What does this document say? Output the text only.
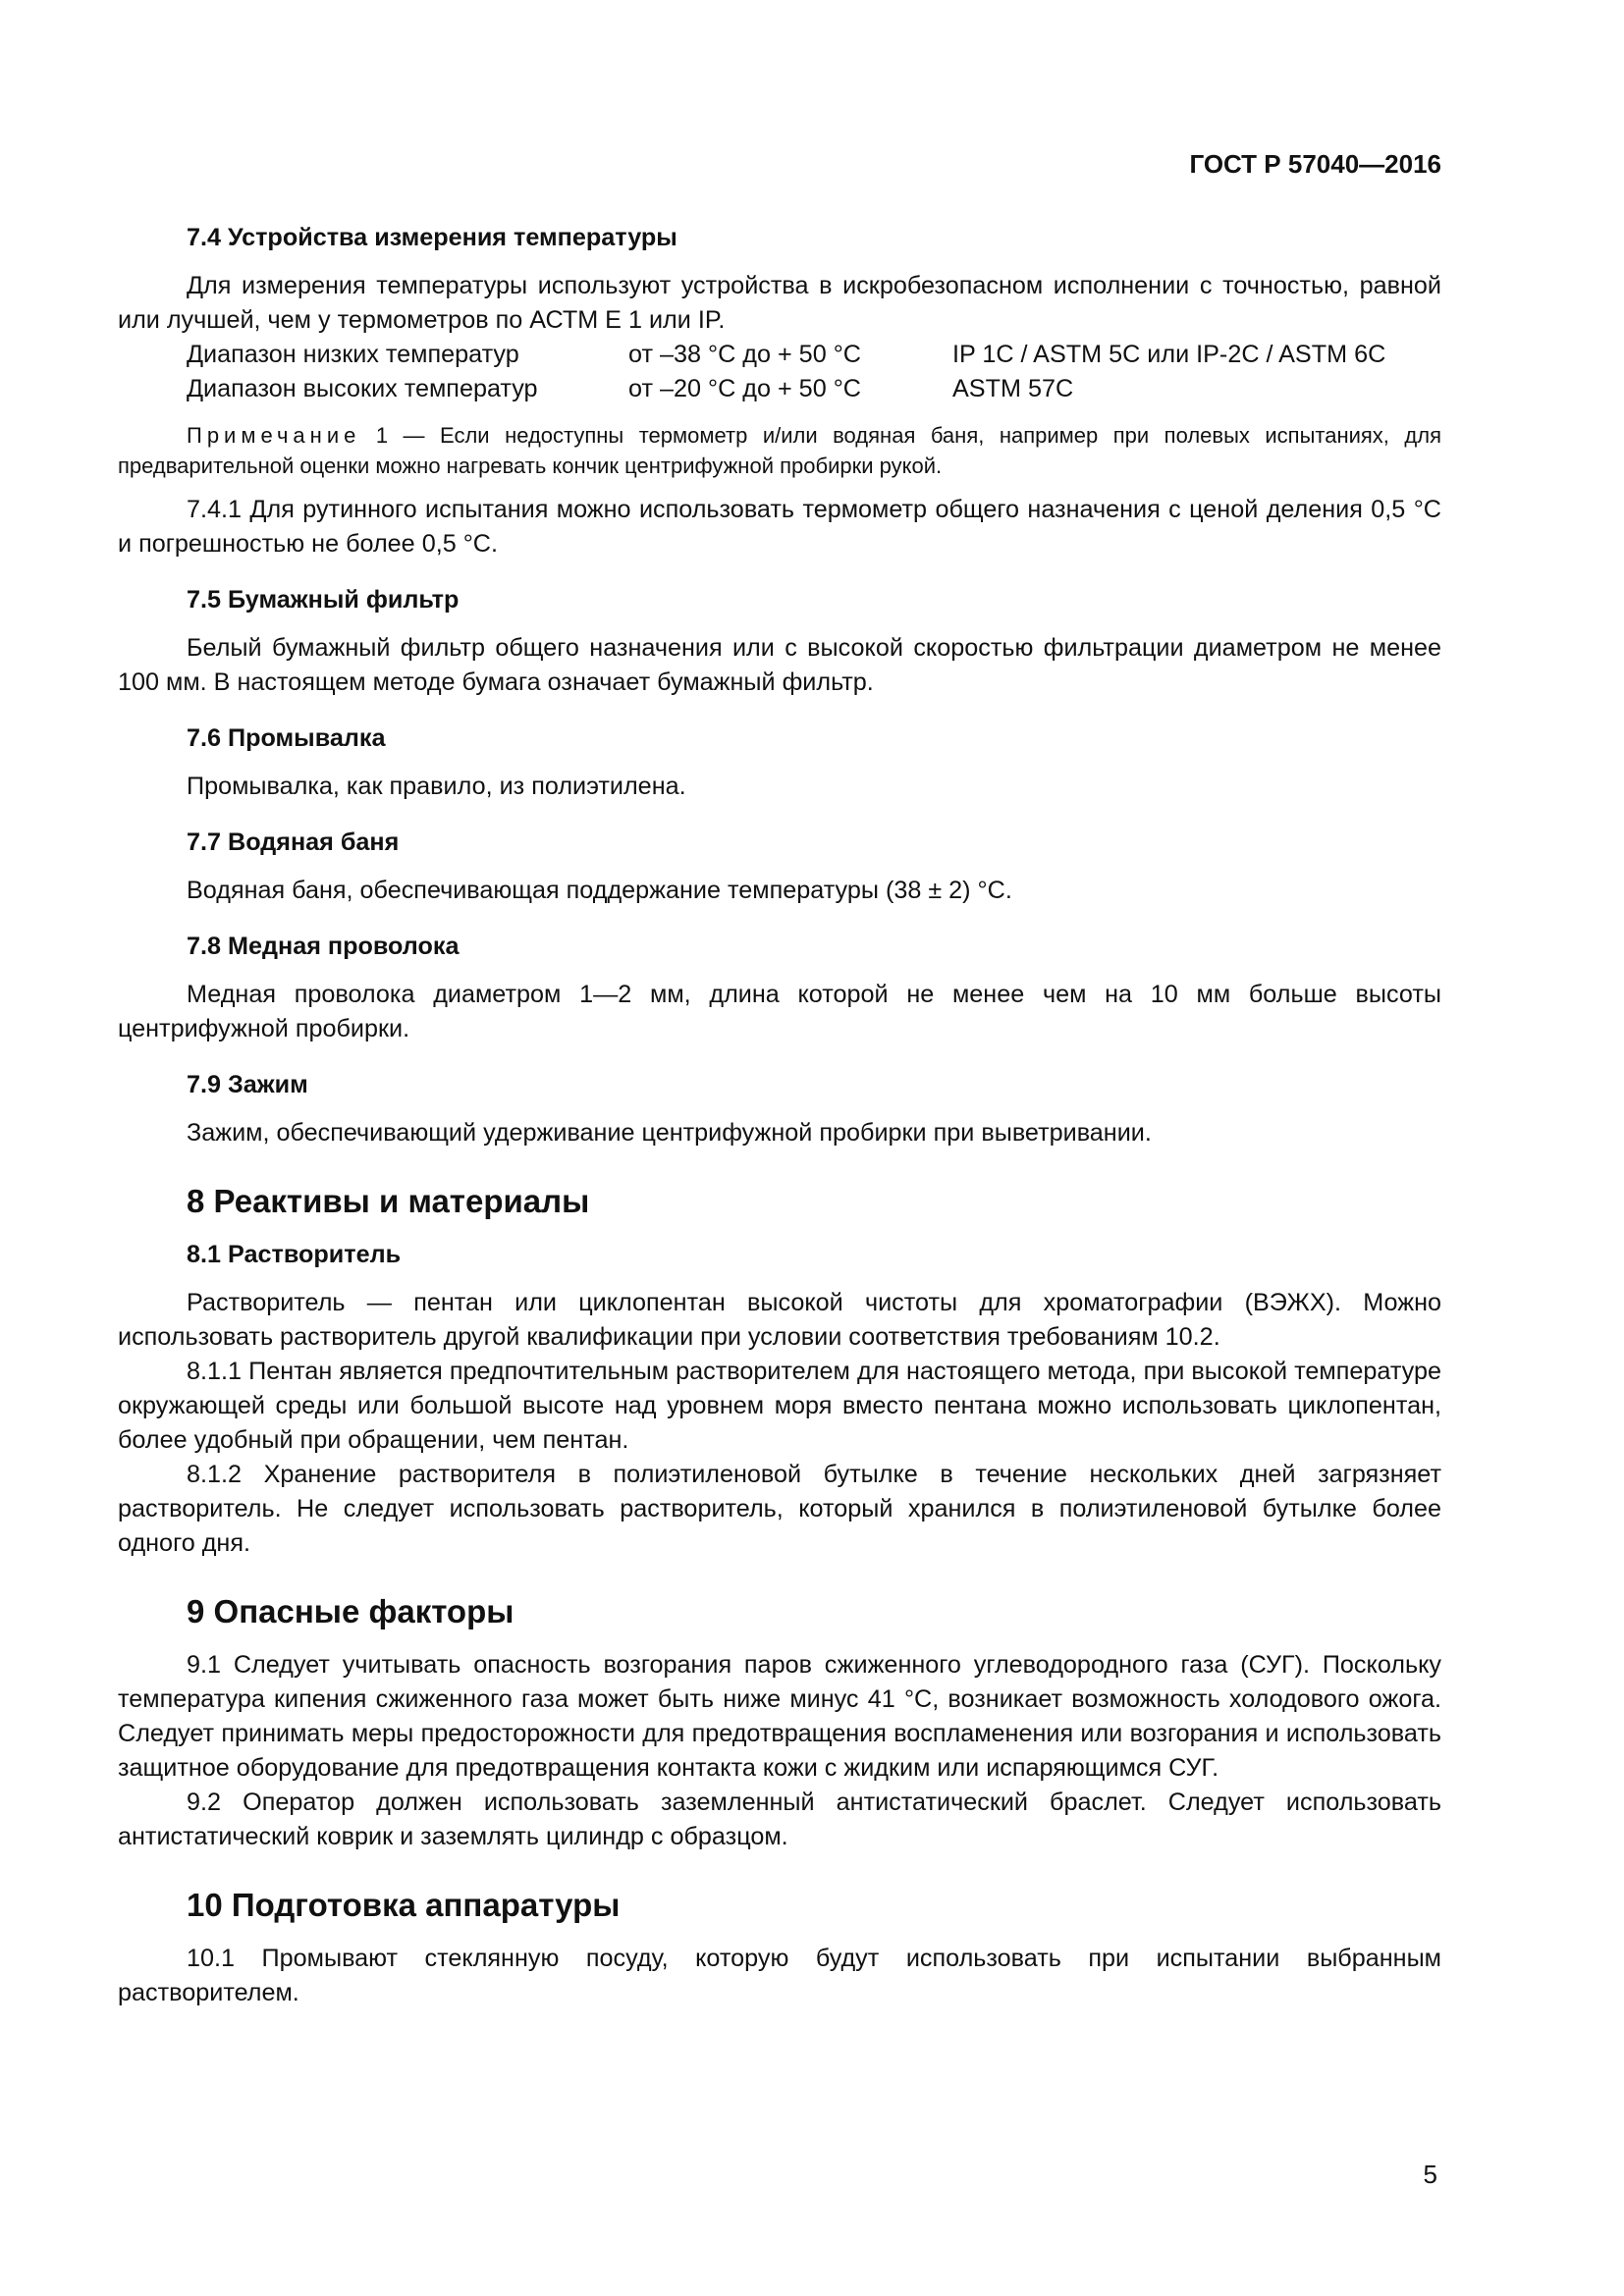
ГОСТ Р 57040—2016
7.4 Устройства измерения температуры

Для измерения температуры используют устройства в искробезопасном исполнении с точностью, равной или лучшей, чем у термометров по АСТМ Е 1 или IP.

Диапазон низких температур	от –38 °С до + 50 °С	IP 1C / ASTM 5C или IP-2C / ASTM 6C
Диапазон высоких температур	от –20 °С до + 50 °С	ASTM 57C
Примечание 1 — Если недоступны термометр и/или водяная баня, например при полевых испытаниях, для предварительной оценки можно нагревать кончик центрифужной пробирки рукой.

7.4.1 Для рутинного испытания можно использовать термометр общего назначения с ценой деления 0,5 °С и погрешностью не более 0,5 °С.

7.5 Бумажный фильтр

Белый бумажный фильтр общего назначения или с высокой скоростью фильтрации диаметром не менее 100 мм. В настоящем методе бумага означает бумажный фильтр.

7.6 Промывалка

Промывалка, как правило, из полиэтилена.

7.7 Водяная баня

Водяная баня, обеспечивающая поддержание температуры (38 ± 2) °С.

7.8 Медная проволока

Медная проволока диаметром 1—2 мм, длина которой не менее чем на 10 мм больше высоты центрифужной пробирки.

7.9 Зажим

Зажим, обеспечивающий удерживание центрифужной пробирки при выветривании.

8 Реактивы и материалы
8.1 Растворитель

Растворитель — пентан или циклопентан высокой чистоты для хроматографии (ВЭЖХ). Можно использовать растворитель другой квалификации при условии соответствия требованиям 10.2.

8.1.1 Пентан является предпочтительным растворителем для настоящего метода, при высокой температуре окружающей среды или большой высоте над уровнем моря вместо пентана можно использовать циклопентан, более удобный при обращении, чем пентан.

8.1.2 Хранение растворителя в полиэтиленовой бутылке в течение нескольких дней загрязняет растворитель. Не следует использовать растворитель, который хранился в полиэтиленовой бутылке более одного дня.

9 Опасные факторы

9.1 Следует учитывать опасность возгорания паров сжиженного углеводородного газа (СУГ). Поскольку температура кипения сжиженного газа может быть ниже минус 41 °С, возникает возможность холодового ожога. Следует принимать меры предосторожности для предотвращения воспламенения или возгорания и использовать защитное оборудование для предотвращения контакта кожи с жидким или испаряющимся СУГ.

9.2 Оператор должен использовать заземленный антистатический браслет. Следует использовать антистатический коврик и заземлять цилиндр с образцом.

10 Подготовка аппаратуры

10.1 Промывают стеклянную посуду, которую будут использовать при испытании выбранным растворителем.

5
